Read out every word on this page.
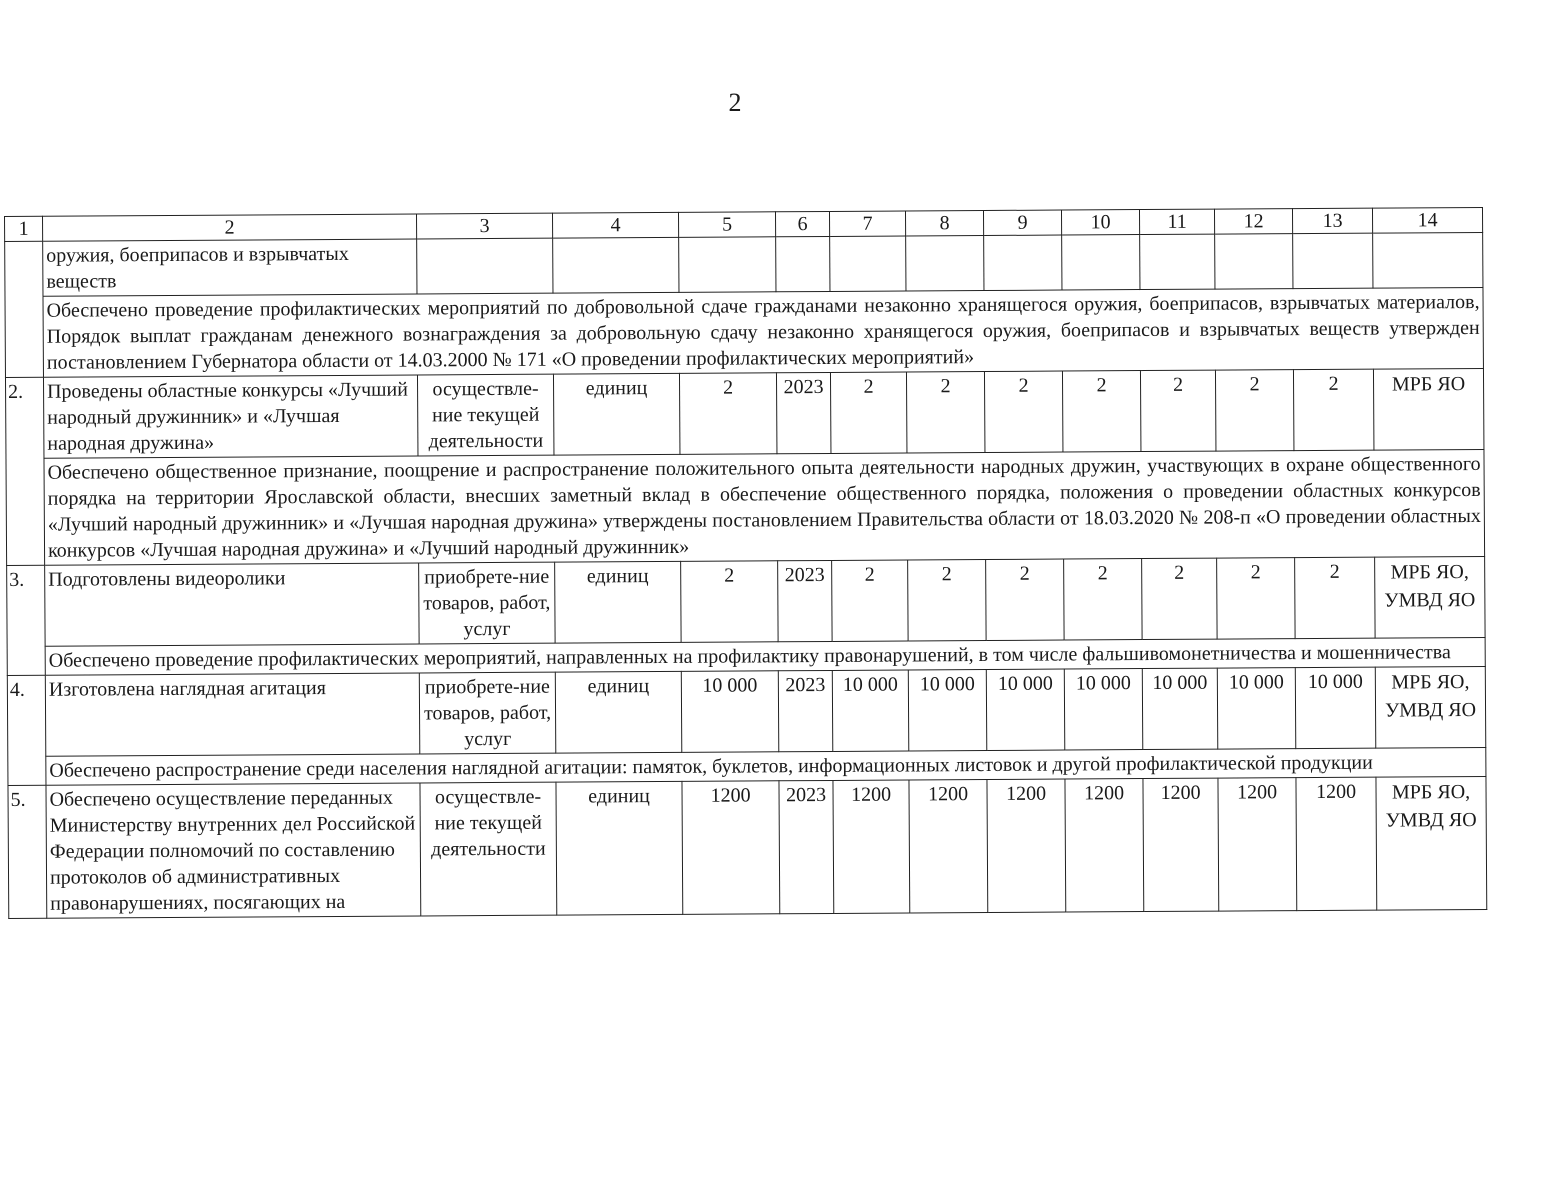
2
1	2	3	4	5	6	7	8	9	10	11	12	13	14
	оружия, боеприпасов и взрывчатых веществ												
	Обеспечено проведение профилактических мероприятий по добровольной сдаче гражданами незаконно хранящегося оружия, боеприпасов, взрывчатых материалов, Порядок выплат гражданам денежного вознаграждения за добровольную сдачу незаконно хранящегося оружия, боеприпасов и взрывчатых веществ утвержден постановлением Губернатора области от 14.03.2000 № 171 «О проведении профилактических мероприятий»												
2.	Проведены областные конкурсы «Лучший народный дружинник» и «Лучшая народная дружина»	осуществле-ние текущей деятельности	единиц	2	2023	2	2	2	2	2	2	2	МРБ ЯО
	Обеспечено общественное признание, поощрение и распространение положительного опыта деятельности народных дружин, участвующих в охране общественного порядка на территории Ярославской области, внесших заметный вклад в обеспечение общественного порядка, положения о проведении областных конкурсов «Лучший народный дружинник» и «Лучшая народная дружина» утверждены постановлением Правительства области от 18.03.2020 № 208-п «О проведении областных конкурсов «Лучшая народная дружина» и «Лучший народный дружинник»												
3.	Подготовлены видеоролики	приобрете-ние товаров, работ, услуг	единиц	2	2023	2	2	2	2	2	2	2	МРБ ЯО, УМВД ЯО
	Обеспечено проведение профилактических мероприятий, направленных на профилактику правонарушений, в том числе фальшивомонетничества и мошенничества												
4.	Изготовлена наглядная агитация	приобрете-ние товаров, работ, услуг	единиц	10 000	2023	10 000	10 000	10 000	10 000	10 000	10 000	10 000	МРБ ЯО, УМВД ЯО
	Обеспечено распространение среди населения наглядной агитации: памяток, буклетов, информационных листовок и другой профилактической продукции												
5.	Обеспечено осуществление переданных Министерству внутренних дел Российской Федерации полномочий по составлению протоколов об административных правонарушениях, посягающих на	осуществле-ние текущей деятельности	единиц	1200	2023	1200	1200	1200	1200	1200	1200	1200	МРБ ЯО, УМВД ЯО
